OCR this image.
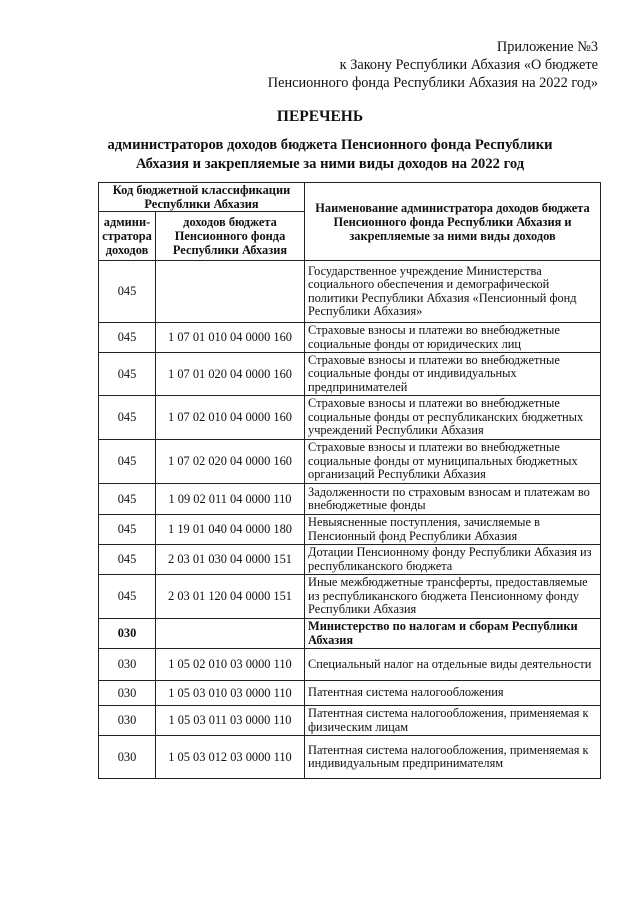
Приложение №3
к Закону Республики Абхазия «О бюджете
Пенсионного фонда Республики Абхазия на 2022 год»
ПЕРЕЧЕНЬ
администраторов доходов бюджета Пенсионного фонда Республики
Абхазия и закрепляемые за ними виды доходов на 2022 год
Код бюджетной классификации Республики Абхазия		Наименование администратора доходов бюджета Пенсионного фонда Республики Абхазия и закрепляемые за ними виды доходов
админи-стратора доходов	доходов бюджета Пенсионного фонда Республики Абхазия	
045		Государственное учреждение Министерства социального обеспечения и демографической политики Республики Абхазия «Пенсионный фонд Республики Абхазия»
045	1 07 01 010 04 0000 160	Страховые взносы и платежи во внебюджетные социальные фонды от юридических лиц
045	1 07 01 020 04 0000 160	Страховые взносы и платежи во внебюджетные социальные фонды от индивидуальных предпринимателей
045	1 07 02 010 04 0000 160	Страховые взносы и платежи во внебюджетные социальные фонды от республиканских бюджетных учреждений Республики Абхазия
045	1 07 02 020 04 0000 160	Страховые взносы и платежи во внебюджетные социальные фонды от муниципальных бюджетных организаций Республики Абхазия
045	1 09 02 011 04 0000 110	Задолженности по страховым взносам и платежам во внебюджетные фонды
045	1 19 01 040 04 0000 180	Невыясненные поступления, зачисляемые в Пенсионный фонд Республики Абхазия
045	2 03 01 030 04 0000 151	Дотации Пенсионному фонду Республики Абхазия из республиканского бюджета
045	2 03 01 120 04 0000 151	Иные межбюджетные трансферты, предоставляемые из республиканского бюджета Пенсионному фонду Республики Абхазия
030		Министерство по налогам и сборам Республики Абхазия
030	1 05 02 010 03 0000 110	Специальный налог на отдельные виды деятельности
030	1 05 03 010 03 0000 110	Патентная система налогообложения
030	1 05 03 011 03 0000 110	Патентная система налогообложения, применяемая к физическим лицам
030	1 05 03 012 03 0000 110	Патентная система налогообложения, применяемая к индивидуальным предпринимателям
